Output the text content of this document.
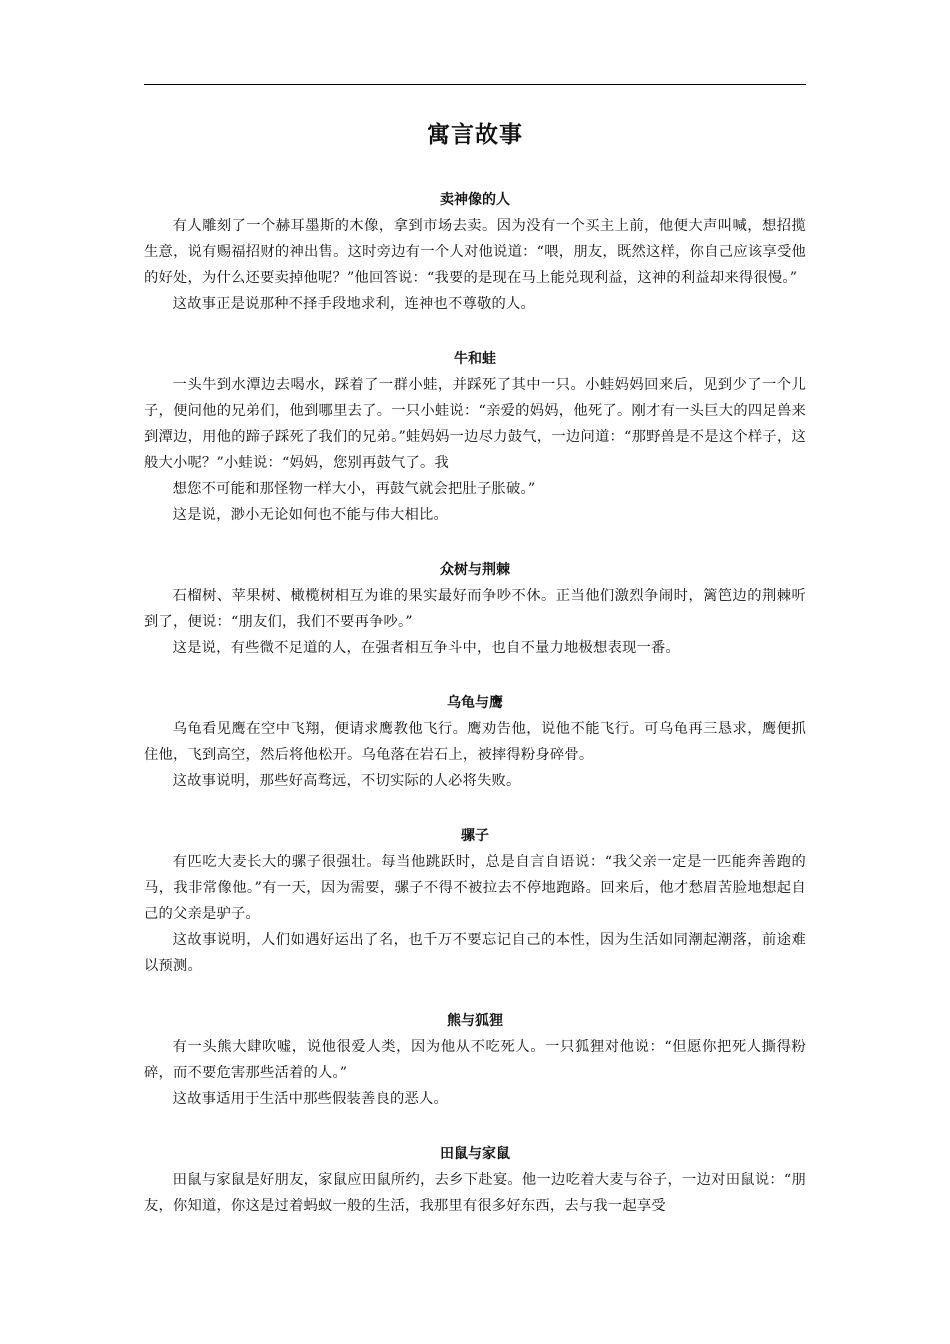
寓言故事
卖神像的人

有人雕刻了一个赫耳墨斯的木像，拿到市场去卖。因为没有一个买主上前，他便大声叫喊，想招揽生意，说有赐福招财的神出售。这时旁边有一个人对他说道：“喂，朋友，既然这样，你自己应该享受他的好处，为什么还要卖掉他呢？”他回答说：“我要的是现在马上能兑现利益，这神的利益却来得很慢。”

这故事正是说那种不择手段地求利，连神也不尊敬的人。

牛和蛙

一头牛到水潭边去喝水，踩着了一群小蛙，并踩死了其中一只。小蛙妈妈回来后，见到少了一个儿子，便问他的兄弟们，他到哪里去了。一只小蛙说：“亲爱的妈妈，他死了。刚才有一头巨大的四足兽来到潭边，用他的蹄子踩死了我们的兄弟。”蛙妈妈一边尽力鼓气，一边问道：“那野兽是不是这个样子，这般大小呢？”小蛙说：“妈妈，您别再鼓气了。我

想您不可能和那怪物一样大小，再鼓气就会把肚子胀破。”

这是说，渺小无论如何也不能与伟大相比。

众树与荆棘

石榴树、苹果树、橄榄树相互为谁的果实最好而争吵不休。正当他们激烈争闹时，篱笆边的荆棘听到了，便说：“朋友们，我们不要再争吵。”

这是说，有些微不足道的人，在强者相互争斗中，也自不量力地极想表现一番。

乌龟与鹰

乌龟看见鹰在空中飞翔，便请求鹰教他飞行。鹰劝告他，说他不能飞行。可乌龟再三恳求，鹰便抓住他，飞到高空，然后将他松开。乌龟落在岩石上，被摔得粉身碎骨。

这故事说明，那些好高骛远，不切实际的人必将失败。

骡子

有匹吃大麦长大的骡子很强壮。每当他跳跃时，总是自言自语说：“我父亲一定是一匹能奔善跑的马，我非常像他。”有一天，因为需要，骡子不得不被拉去不停地跑路。回来后，他才愁眉苦脸地想起自己的父亲是驴子。

这故事说明，人们如遇好运出了名，也千万不要忘记自己的本性，因为生活如同潮起潮落，前途难以预测。

熊与狐狸

有一头熊大肆吹嘘，说他很爱人类，因为他从不吃死人。一只狐狸对他说：“但愿你把死人撕得粉碎，而不要危害那些活着的人。”

这故事适用于生活中那些假装善良的恶人。

田鼠与家鼠

田鼠与家鼠是好朋友，家鼠应田鼠所约，去乡下赴宴。他一边吃着大麦与谷子，一边对田鼠说：“朋友，你知道，你这是过着蚂蚁一般的生活，我那里有很多好东西，去与我一起享受
